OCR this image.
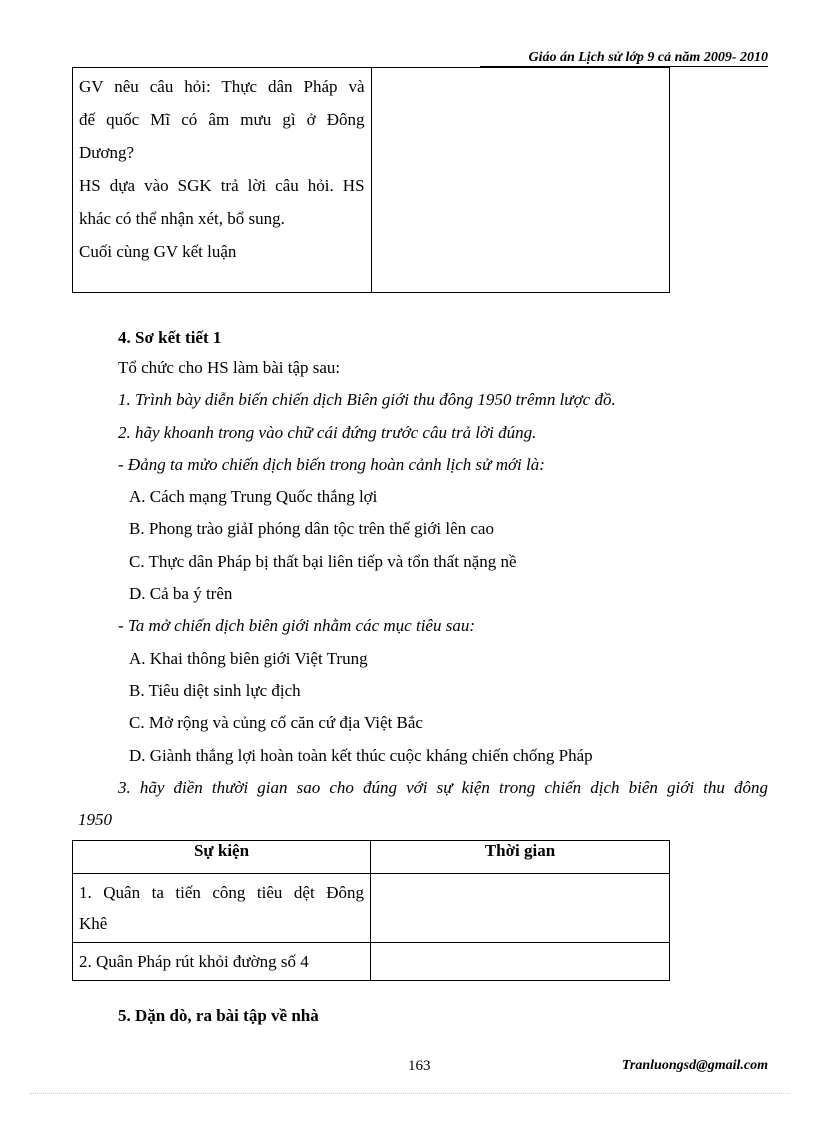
Giáo án Lịch sử lớp 9 cả năm 2009- 2010
GV nêu câu hỏi: Thực dân Pháp và
đế quốc Mĩ có âm mưu gì ở Đông
Dương?
HS dựa vào SGK trả lời câu hỏi. HS
khác có thể nhận xét, bổ sung.
Cuối cùng GV kết luận

4. Sơ kết tiết 1
Tổ chức cho HS làm bài tập sau:
1. Trình bày diễn biến chiến dịch Biên giới thu đông 1950 trêmn lược đồ.
2. hãy khoanh trong vào chữ cái đứng trước câu trả lời đúng.
- Đảng ta mửo chiến dịch biến trong hoàn cảnh lịch sử mới là:
A. Cách mạng Trung Quốc thắng lợi
B. Phong trào giảI phóng dân tộc trên thế giới lên cao
C. Thực dân Pháp bị thất bại liên tiếp và tổn thất nặng nề
D. Cả ba ý trên
- Ta mở chiến dịch biên giới nhằm các mục tiêu sau:
A. Khai thông biên giới Việt Trung
B. Tiêu diệt sinh lực địch
C. Mở rộng và củng cố căn cứ địa Việt Bắc
D. Giành thắng lợi hoàn toàn kết thúc cuộc kháng chiến chống Pháp
3. hãy điền thười gian sao cho đúng với sự kiện trong chiến dịch biên giới thu đông
1950
Sự kiện	Thời gian

1. Quân ta tiến công tiêu dệt Đông
Khê	

2. Quân Pháp rút khỏi đường số 4	

5. Dặn dò, ra bài tập về nhà
163	Tranluongsd@gmail.com
